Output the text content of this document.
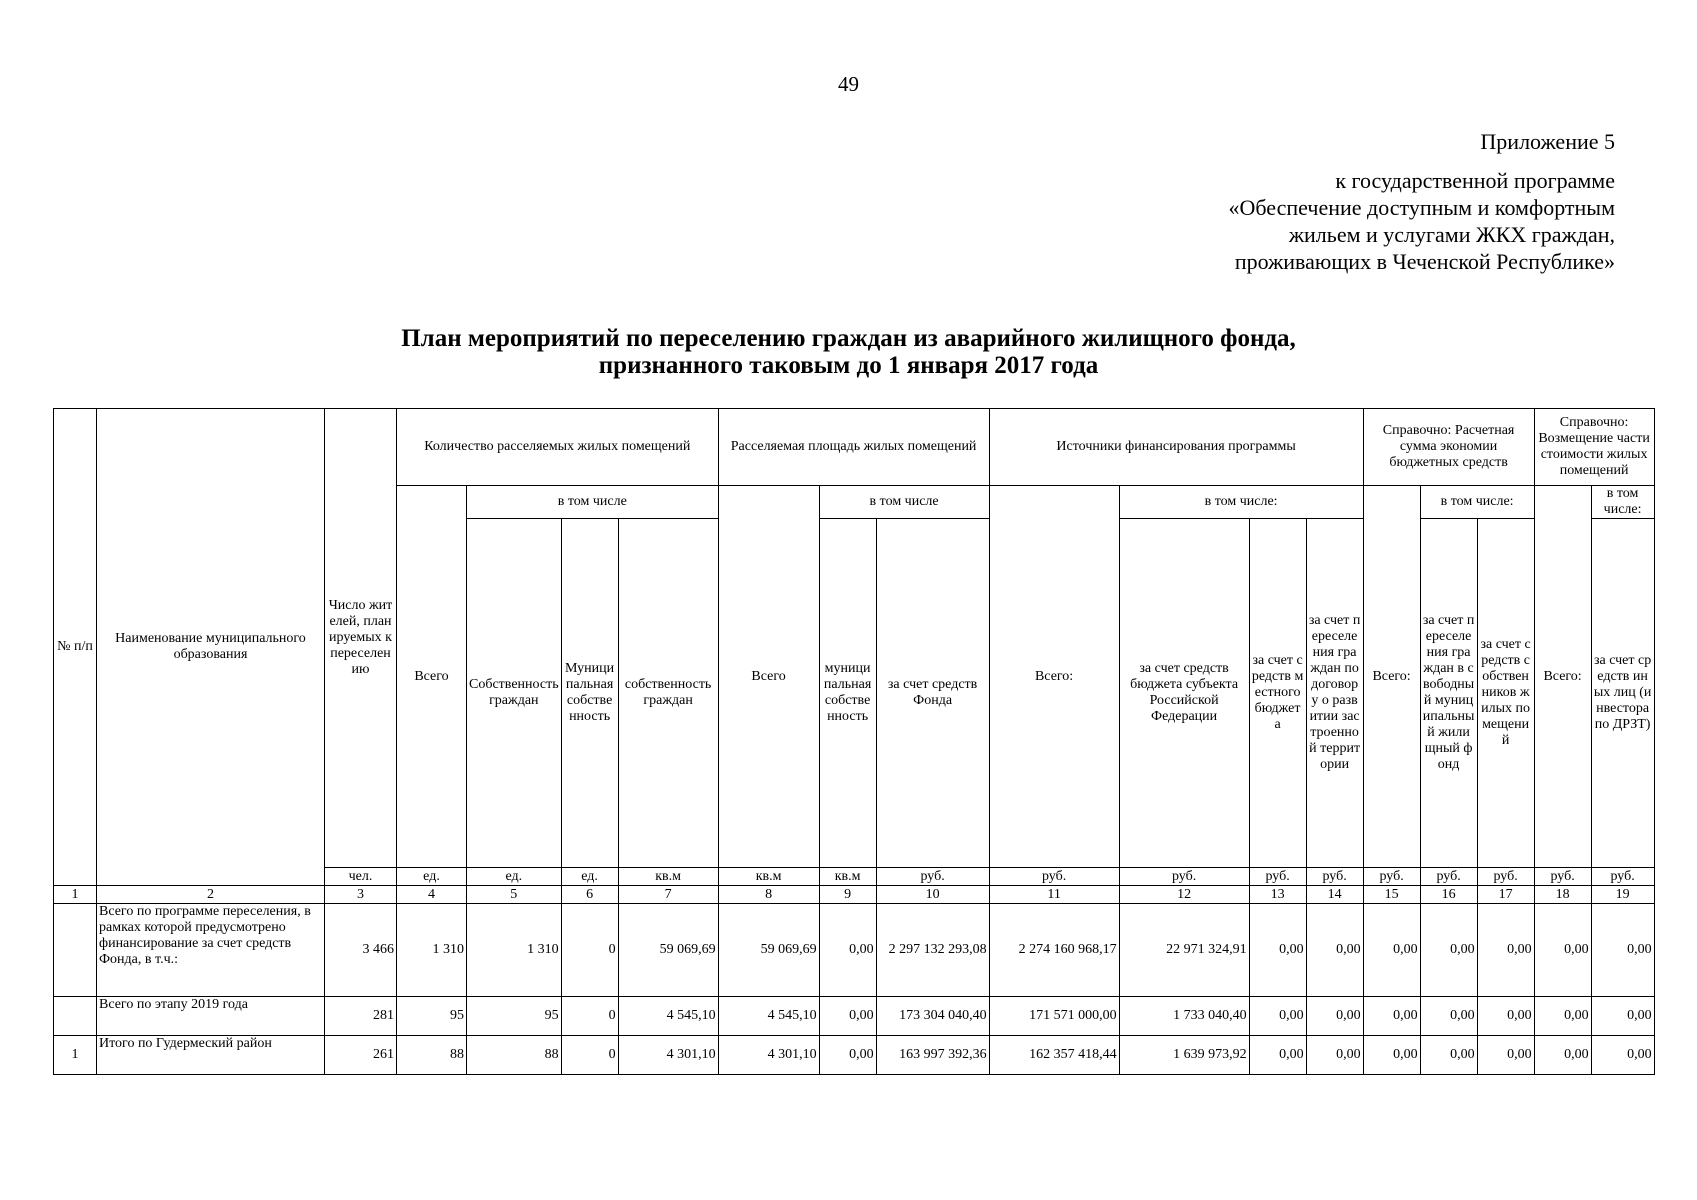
49
Приложение 5
к государственной программе
«Обеспечение доступным и комфортным
жильем и услугами ЖКХ граждан,
проживающих в Чеченской Республике»
План мероприятий по переселению граждан из аварийного жилищного фонда,
признанного таковым до 1 января 2017 года
№ п/п	Наименование муниципального образования	Число жителей, планируемых к переселению	Количество расселяемых жилых помещений				Расселяемая площадь жилых помещений			Источники финансирования программы				Справочно: Расчетная сумма экономии бюджетных средств			Справочно: Возмещение части стоимости жилых помещений	
			Всего	в том числе			Всего	в том числе		Всего:	в том числе:			Всего:	в том числе:		Всего:	в том числе:
				Собственность граждан	Муниципальная собственность	собственность граждан		муниципальная собственность	за счет средств Фонда		за счет средств бюджета субъекта Российской Федерации	за счет средств местного бюджета	за счет переселения граждан по договору о развитии застроенной территории		за счет переселения граждан в свободный муниципальный жилищный фонд	за счет средств собственников жилых помещений		за счет средств иных лиц (инвестора по ДРЗТ)
		чел.	ед.	ед.	ед.	кв.м	кв.м	кв.м	руб.	руб.	руб.	руб.	руб.	руб.	руб.	руб.	руб.	руб.
1	2	3	4	5	6	7	8	9	10	11	12	13	14	15	16	17	18	19
	Всего по программе переселения, в рамках которой предусмотрено финансирование за счет средств Фонда, в т.ч.:	3 466	1 310	1 310	0	59 069,69	59 069,69	0,00	2 297 132 293,08	2 274 160 968,17	22 971 324,91	0,00	0,00	0,00	0,00	0,00	0,00	0,00
	Всего по этапу 2019 года	281	95	95	0	4 545,10	4 545,10	0,00	173 304 040,40	171 571 000,00	1 733 040,40	0,00	0,00	0,00	0,00	0,00	0,00	0,00
1	Итого по Гудермеский район	261	88	88	0	4 301,10	4 301,10	0,00	163 997 392,36	162 357 418,44	1 639 973,92	0,00	0,00	0,00	0,00	0,00	0,00	0,00
